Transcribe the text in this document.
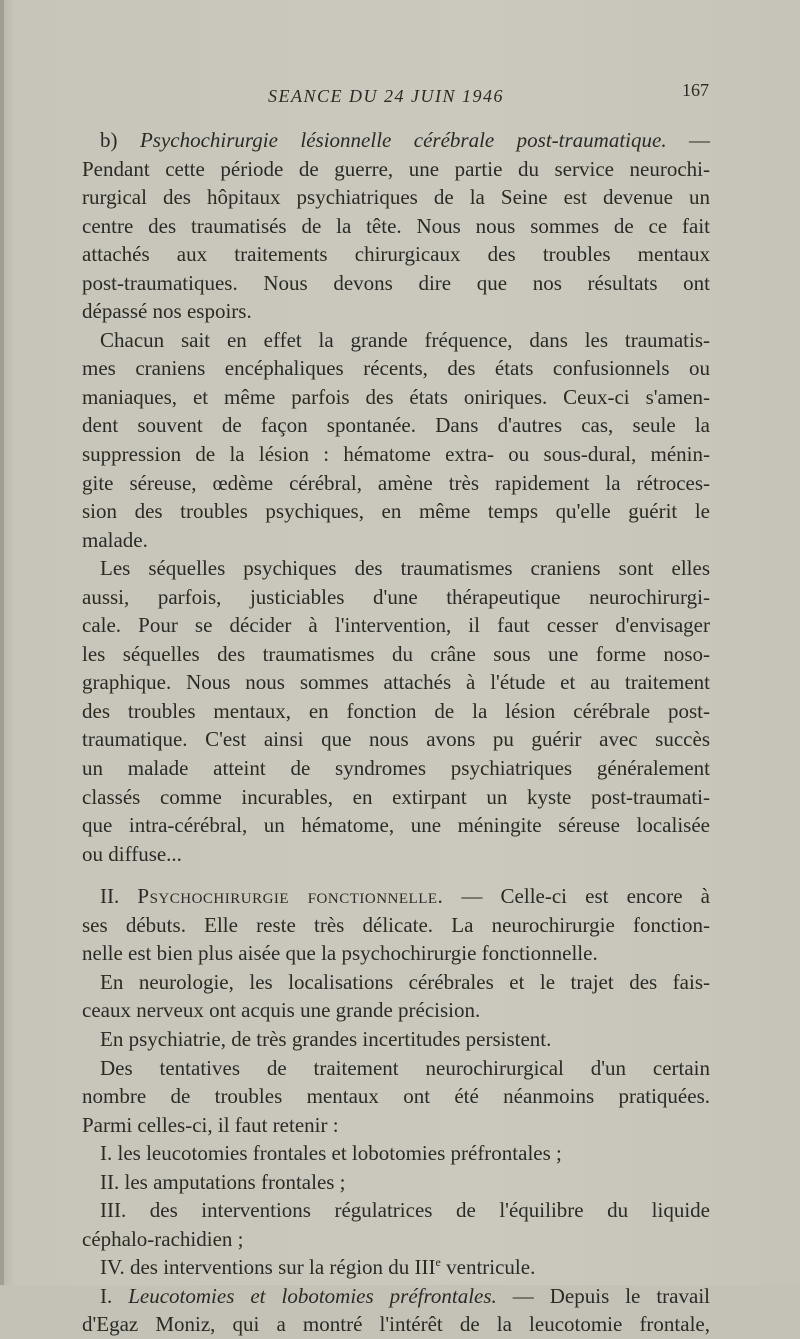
SEANCE DU 24 JUIN 1946	167
b) Psychochirurgie lésionnelle cérébrale post-traumatique. —
Pendant cette période de guerre, une partie du service neurochi-
rurgical des hôpitaux psychiatriques de la Seine est devenue un
centre des traumatisés de la tête. Nous nous sommes de ce fait
attachés aux traitements chirurgicaux des troubles mentaux
post-traumatiques. Nous devons dire que nos résultats ont
dépassé nos espoirs.
Chacun sait en effet la grande fréquence, dans les traumatis-
mes craniens encéphaliques récents, des états confusionnels ou
maniaques, et même parfois des états oniriques. Ceux-ci s'amen-
dent souvent de façon spontanée. Dans d'autres cas, seule la
suppression de la lésion : hématome extra- ou sous-dural, ménin-
gite séreuse, œdème cérébral, amène très rapidement la rétroces-
sion des troubles psychiques, en même temps qu'elle guérit le
malade.
Les séquelles psychiques des traumatismes craniens sont elles
aussi, parfois, justiciables d'une thérapeutique neurochirurgi-
cale. Pour se décider à l'intervention, il faut cesser d'envisager
les séquelles des traumatismes du crâne sous une forme noso-
graphique. Nous nous sommes attachés à l'étude et au traitement
des troubles mentaux, en fonction de la lésion cérébrale post-
traumatique. C'est ainsi que nous avons pu guérir avec succès
un malade atteint de syndromes psychiatriques généralement
classés comme incurables, en extirpant un kyste post-traumati-
que intra-cérébral, un hématome, une méningite séreuse localisée
ou diffuse...
II. Psychochirurgie fonctionnelle. — Celle-ci est encore à
ses débuts. Elle reste très délicate. La neurochirurgie fonction-
nelle est bien plus aisée que la psychochirurgie fonctionnelle.
En neurologie, les localisations cérébrales et le trajet des fais-
ceaux nerveux ont acquis une grande précision.
En psychiatrie, de très grandes incertitudes persistent.
Des tentatives de traitement neurochirurgical d'un certain
nombre de troubles mentaux ont été néanmoins pratiquées.
Parmi celles-ci, il faut retenir :
I. les leucotomies frontales et lobotomies préfrontales ;
II. les amputations frontales ;
III. des interventions régulatrices de l'équilibre du liquide
céphalo-rachidien ;
IV. des interventions sur la région du IIIe ventricule.
I. Leucotomies et lobotomies préfrontales. — Depuis le travail
d'Egaz Moniz, qui a montré l'intérêt de la leucotomie frontale,
